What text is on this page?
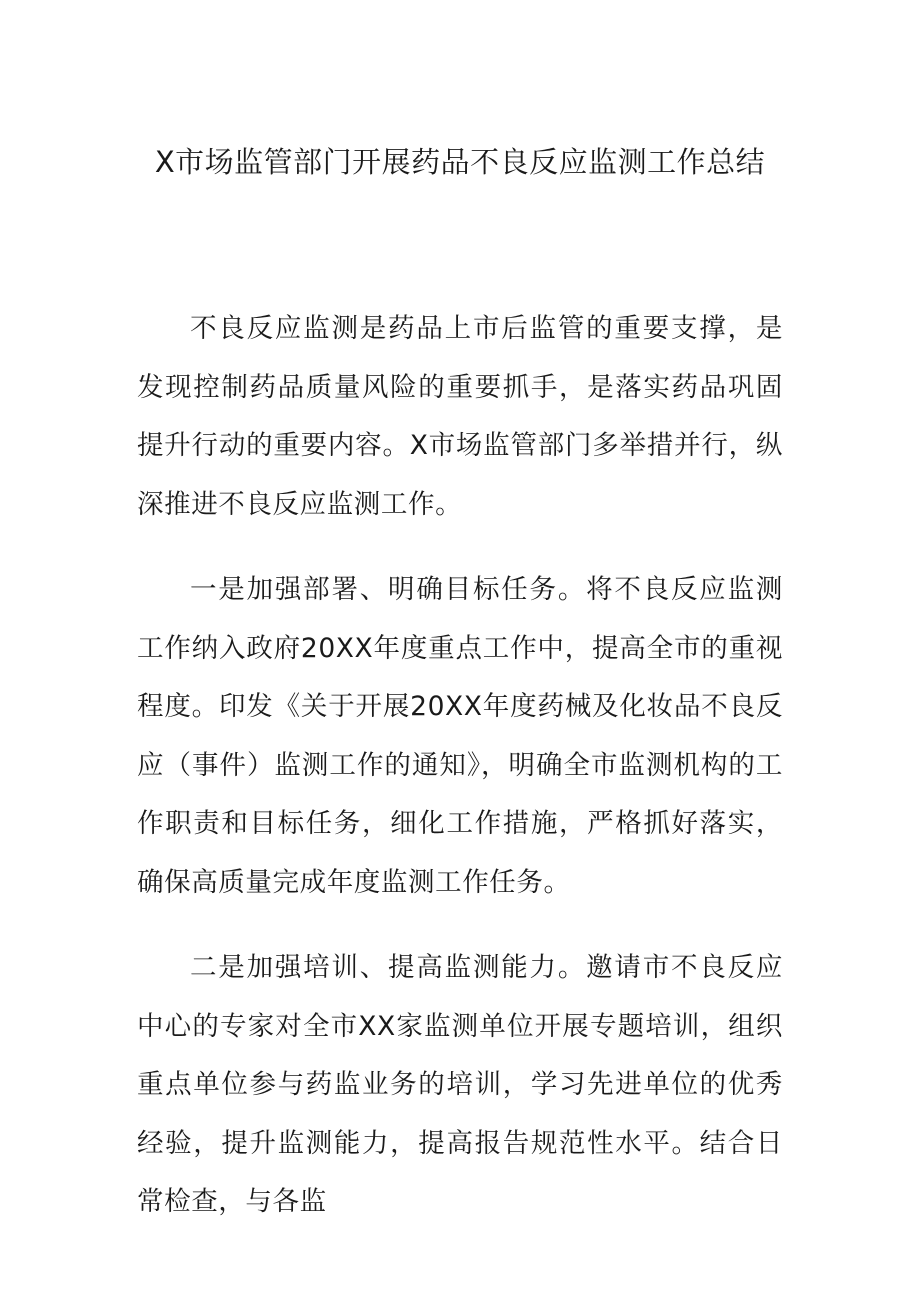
X市场监管部门开展药品不良反应监测工作总结

不良反应监测是药品上市后监管的重要支撑，是发现控制药品质量风险的重要抓手，是落实药品巩固提升行动的重要内容。X市场监管部门多举措并行，纵深推进不良反应监测工作。

一是加强部署、明确目标任务。将不良反应监测工作纳入政府20XX年度重点工作中，提高全市的重视程度。印发《关于开展20XX年度药械及化妆品不良反应（事件）监测工作的通知》，明确全市监测机构的工作职责和目标任务，细化工作措施，严格抓好落实，确保高质量完成年度监测工作任务。

二是加强培训、提高监测能力。邀请市不良反应中心的专家对全市XX家监测单位开展专题培训，组织重点单位参与药监业务的培训，学习先进单位的优秀经验，提升监测能力，提高报告规范性水平。结合日常检查，与各监
